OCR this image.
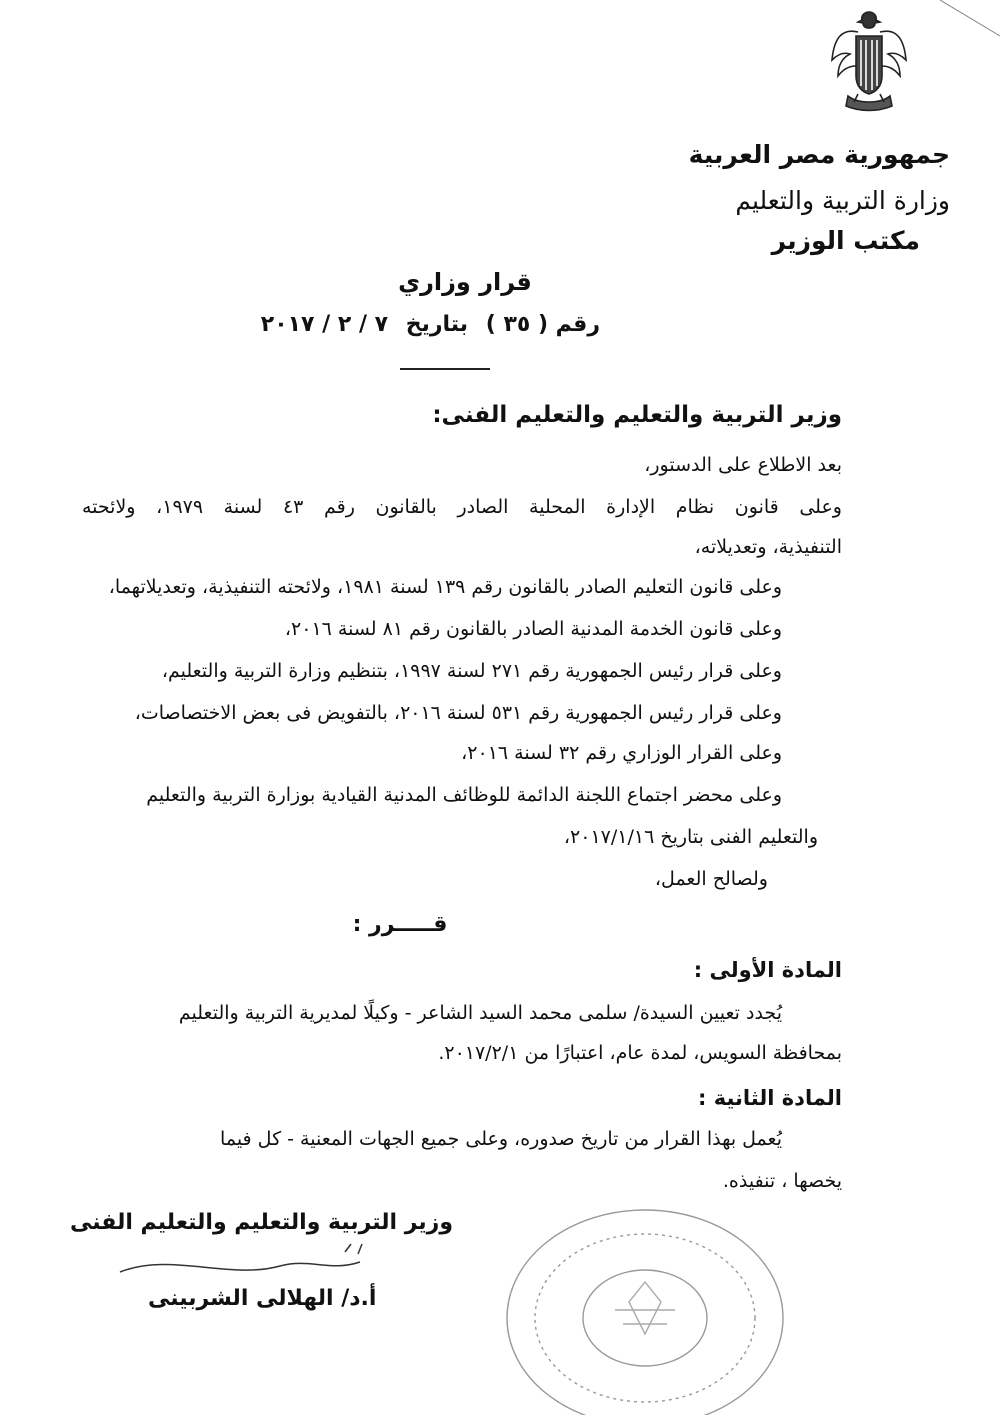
جمهورية مصر العربية
وزارة التربية والتعليم
مكتب الوزير
قرار وزاري
رقم ( ٣٥ ) بتاريخ ٧ / ٢ / ٢٠١٧
وزير التربية والتعليم والتعليم الفنى:
بعد الاطلاع على الدستور،
وعلى قانون نظام الإدارة المحلية الصادر بالقانون رقم ٤٣ لسنة ١٩٧٩، ولائحته
التنفيذية، وتعديلاته،
وعلى قانون التعليم الصادر بالقانون رقم ١٣٩ لسنة ١٩٨١، ولائحته التنفيذية، وتعديلاتهما،
وعلى قانون الخدمة المدنية الصادر بالقانون رقم ٨١ لسنة ٢٠١٦،
وعلى قرار رئيس الجمهورية رقم ٢٧١ لسنة ١٩٩٧، بتنظيم وزارة التربية والتعليم،
وعلى قرار رئيس الجمهورية رقم ٥٣١ لسنة ٢٠١٦، بالتفويض فى بعض الاختصاصات،
وعلى القرار الوزاري رقم ٣٢ لسنة ٢٠١٦،
وعلى محضر اجتماع اللجنة الدائمة للوظائف المدنية القيادية بوزارة التربية والتعليم
والتعليم الفنى بتاريخ ٢٠١٧/١/١٦،
ولصالح العمل،
قـــــرر :
المادة الأولى :
يُجدد تعيين السيدة/ سلمى محمد السيد الشاعر - وكيلًا لمديرية التربية والتعليم
بمحافظة السويس، لمدة عام، اعتبارًا من ٢٠١٧/٢/١.
المادة الثانية :
يُعمل بهذا القرار من تاريخ صدوره، وعلى جميع الجهات المعنية - كل فيما
يخصها ، تنفيذه.
وزير التربية والتعليم والتعليم الفنى
أ.د/ الهلالى الشربينى
